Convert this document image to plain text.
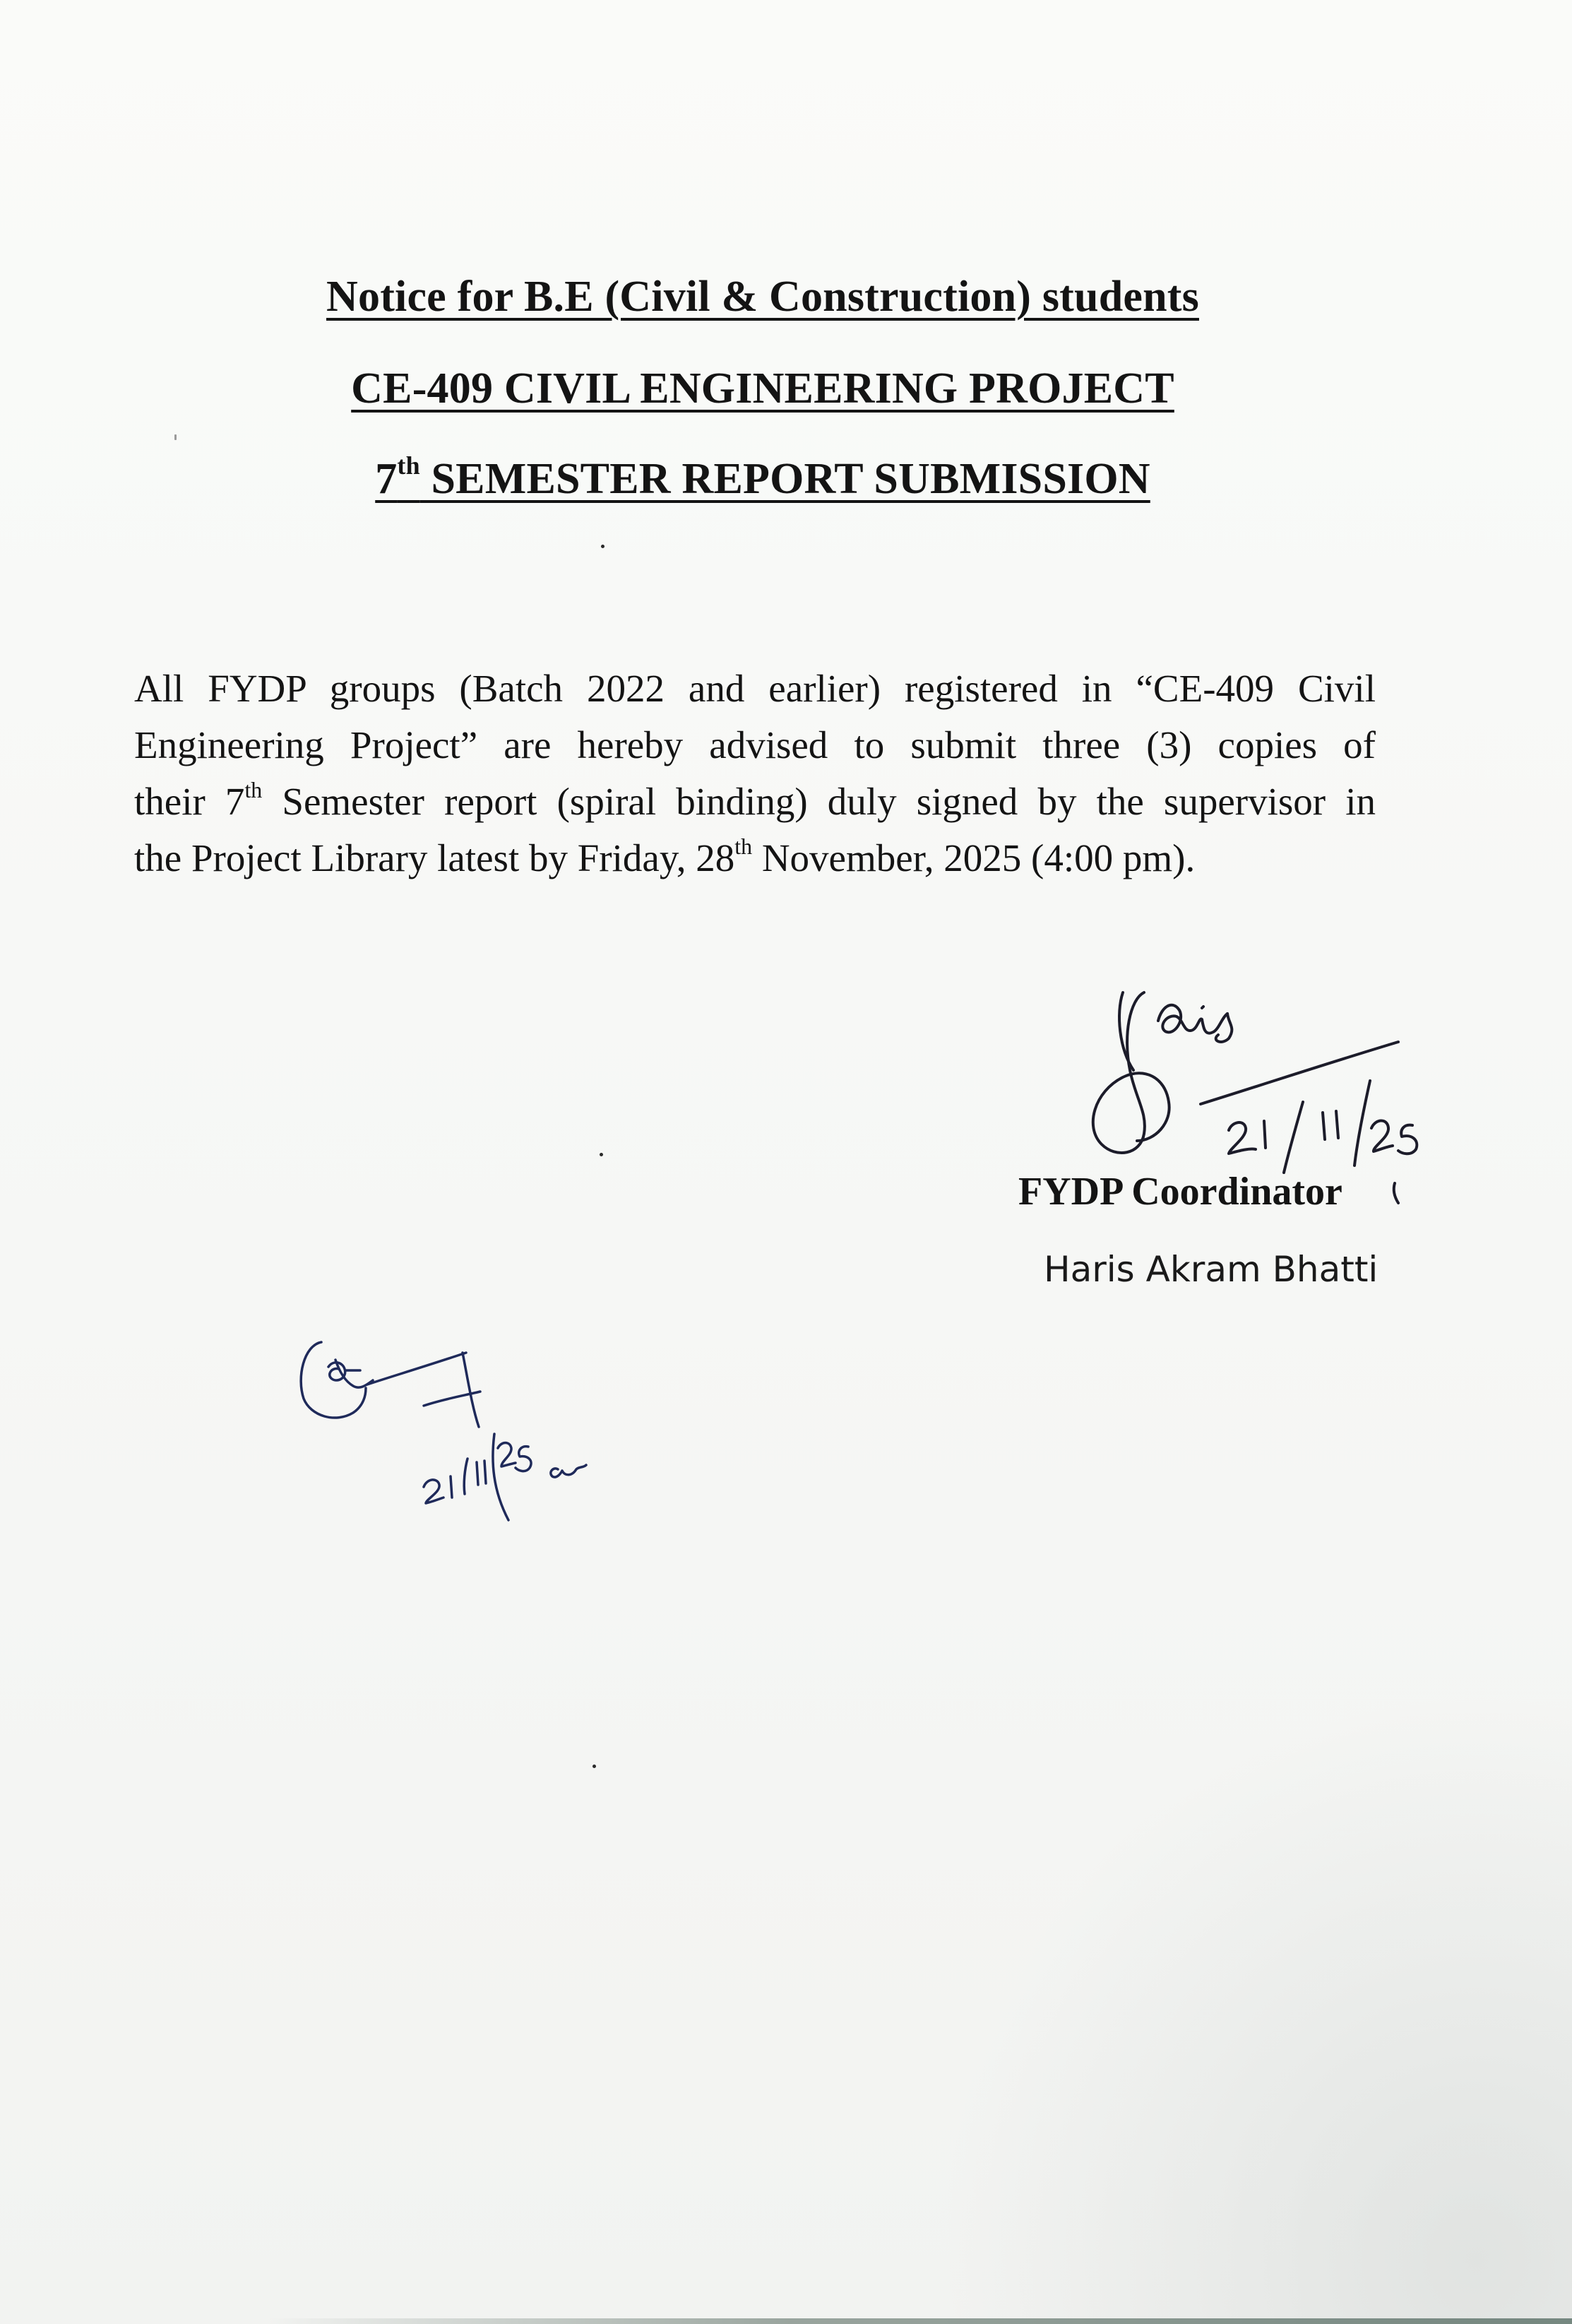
Notice for B.E (Civil & Construction) students
CE-409 CIVIL ENGINEERING PROJECT
7th SEMESTER REPORT SUBMISSION
All FYDP groups (Batch 2022 and earlier) registered in “CE-409 Civil
Engineering Project” are hereby advised to submit three (3) copies of
their 7th Semester report (spiral binding) duly signed by the supervisor in
the Project Library latest by Friday, 28th November, 2025 (4:00 pm).

FYDP Coordinator

Haris Akram Bhatti
